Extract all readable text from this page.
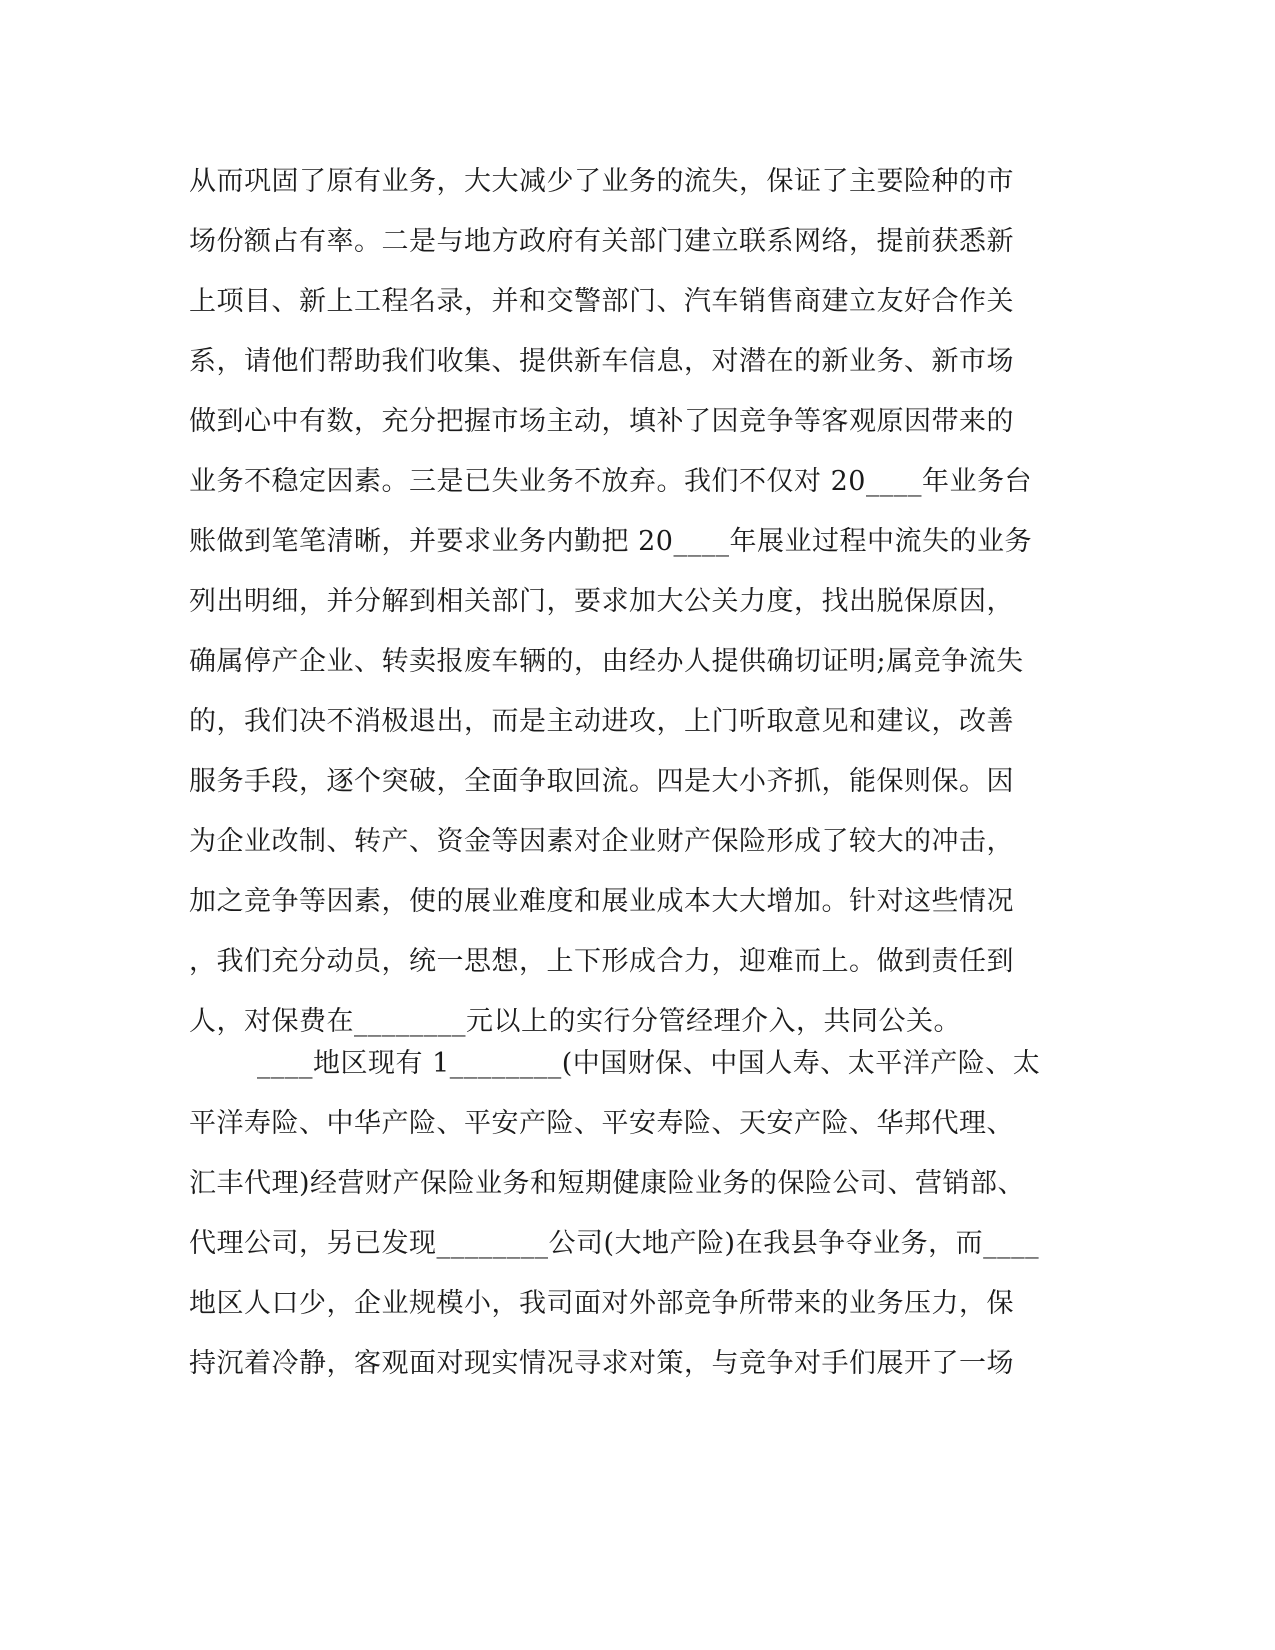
从而巩固了原有业务，大大减少了业务的流失，保证了主要险种的市
场份额占有率。二是与地方政府有关部门建立联系网络，提前获悉新
上项目、新上工程名录，并和交警部门、汽车销售商建立友好合作关
系，请他们帮助我们收集、提供新车信息，对潜在的新业务、新市场
做到心中有数，充分把握市场主动，填补了因竞争等客观原因带来的
业务不稳定因素。三是已失业务不放弃。我们不仅对 20____年业务台
账做到笔笔清晰，并要求业务内勤把 20____年展业过程中流失的业务
列出明细，并分解到相关部门，要求加大公关力度，找出脱保原因，
确属停产企业、转卖报废车辆的，由经办人提供确切证明;属竞争流失
的，我们决不消极退出，而是主动进攻，上门听取意见和建议，改善
服务手段，逐个突破，全面争取回流。四是大小齐抓，能保则保。因
为企业改制、转产、资金等因素对企业财产保险形成了较大的冲击，
加之竞争等因素，使的展业难度和展业成本大大增加。针对这些情况
，我们充分动员，统一思想，上下形成合力，迎难而上。做到责任到
人，对保费在________元以上的实行分管经理介入，共同公关。
____地区现有 1________(中国财保、中国人寿、太平洋产险、太
平洋寿险、中华产险、平安产险、平安寿险、天安产险、华邦代理、
汇丰代理)经营财产保险业务和短期健康险业务的保险公司、营销部、
代理公司，另已发现________公司(大地产险)在我县争夺业务，而____
地区人口少，企业规模小，我司面对外部竞争所带来的业务压力，保
持沉着冷静，客观面对现实情况寻求对策，与竞争对手们展开了一场
